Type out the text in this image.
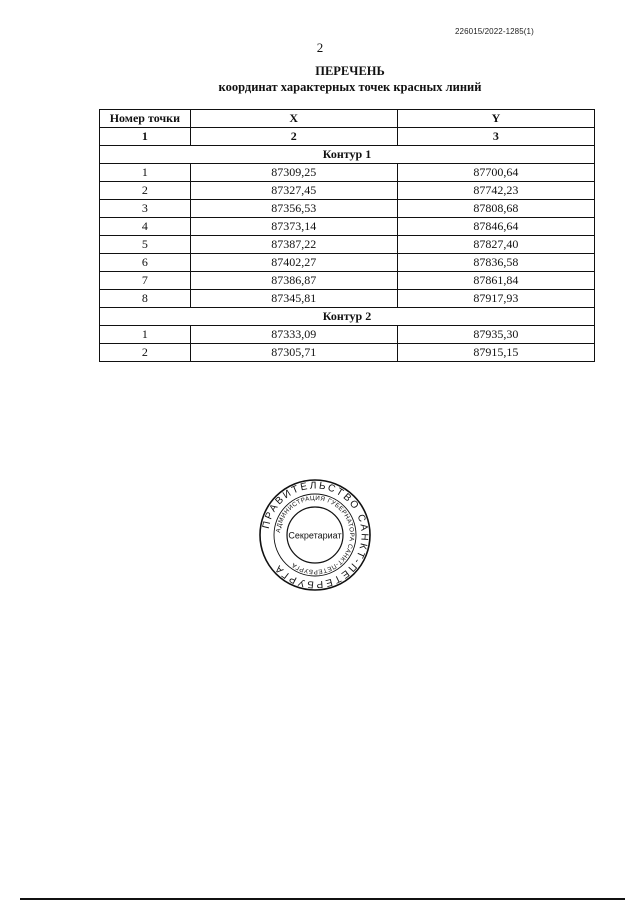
226015/2022-1285(1)
2
ПЕРЕЧЕНЬ
координат характерных точек красных линий
Номер точки	X	Y
1	2	3
Контур 1		
1	87309,25	87700,64
2	87327,45	87742,23
3	87356,53	87808,68
4	87373,14	87846,64
5	87387,22	87827,40
6	87402,27	87836,58
7	87386,87	87861,84
8	87345,81	87917,93
Контур 2		
1	87333,09	87935,30
2	87305,71	87915,15
ПРАВИТЕЛЬСТВО САНКТ-ПЕТЕРБУРГА
АДМИНИСТРАЦИЯ ГУБЕРНАТОРА САНКТ-ПЕТЕРБУРГА
Секретариат
